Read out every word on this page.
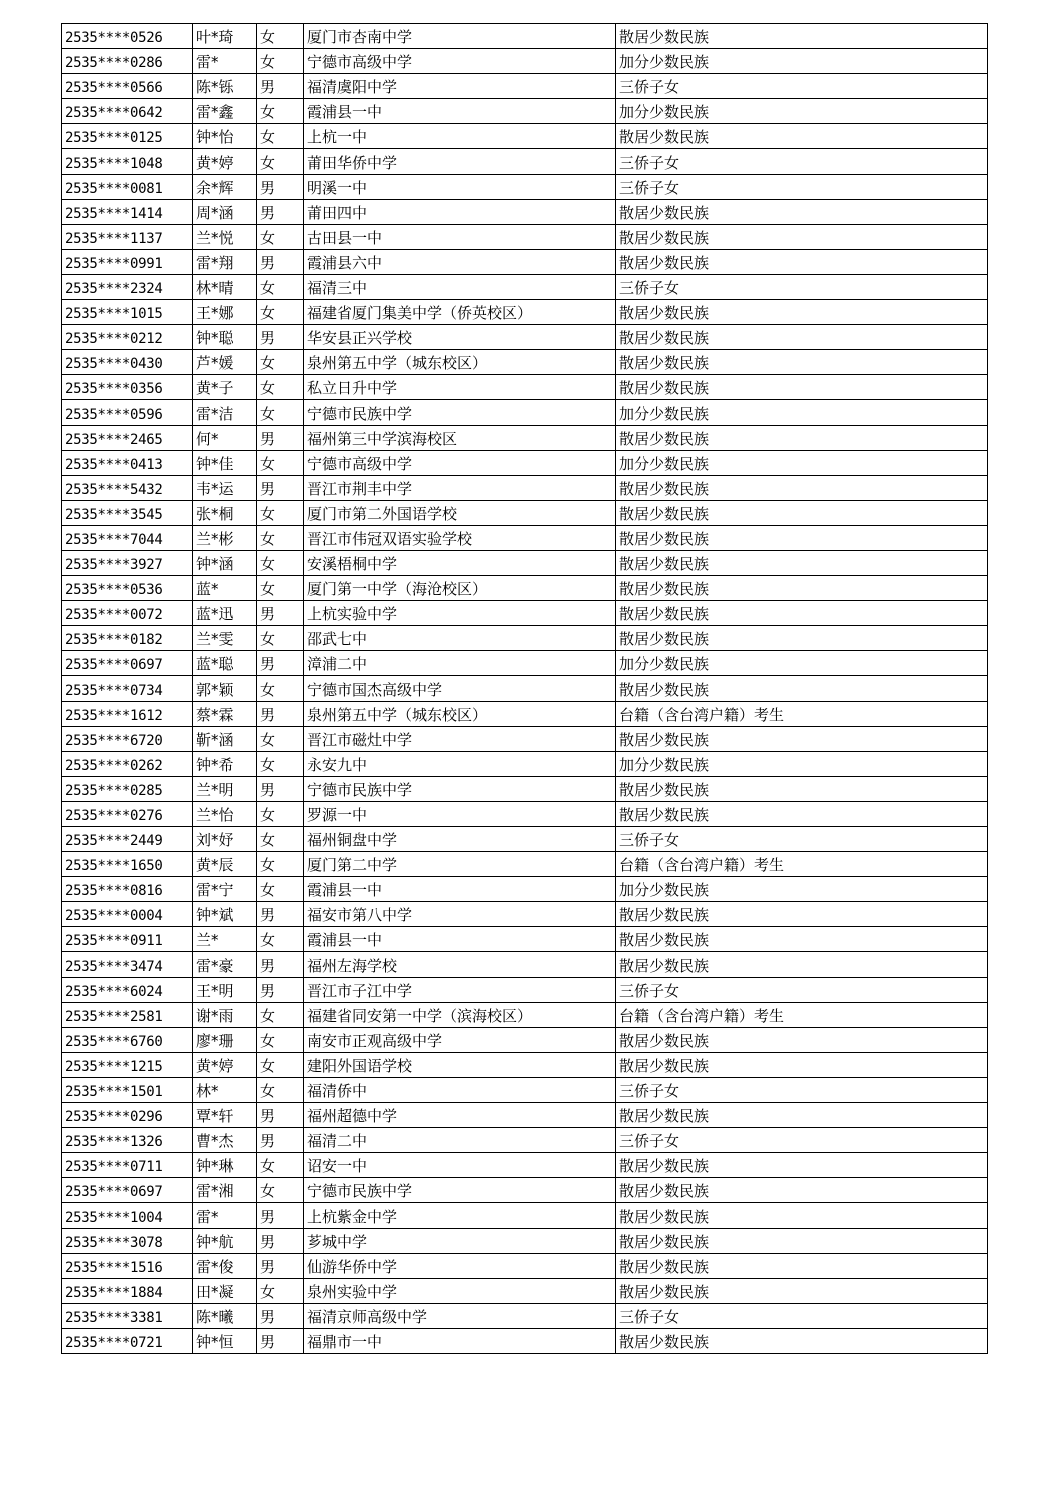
2535****0526	叶*琦	女	厦门市杏南中学	散居少数民族
2535****0286	雷*	女	宁德市高级中学	加分少数民族
2535****0566	陈*铄	男	福清虞阳中学	三侨子女
2535****0642	雷*鑫	女	霞浦县一中	加分少数民族
2535****0125	钟*怡	女	上杭一中	散居少数民族
2535****1048	黄*婷	女	莆田华侨中学	三侨子女
2535****0081	余*辉	男	明溪一中	三侨子女
2535****1414	周*涵	男	莆田四中	散居少数民族
2535****1137	兰*悦	女	古田县一中	散居少数民族
2535****0991	雷*翔	男	霞浦县六中	散居少数民族
2535****2324	林*晴	女	福清三中	三侨子女
2535****1015	王*娜	女	福建省厦门集美中学（侨英校区）	散居少数民族
2535****0212	钟*聪	男	华安县正兴学校	散居少数民族
2535****0430	芦*媛	女	泉州第五中学（城东校区）	散居少数民族
2535****0356	黄*子	女	私立日升中学	散居少数民族
2535****0596	雷*洁	女	宁德市民族中学	加分少数民族
2535****2465	何*	男	福州第三中学滨海校区	散居少数民族
2535****0413	钟*佳	女	宁德市高级中学	加分少数民族
2535****5432	韦*运	男	晋江市荆丰中学	散居少数民族
2535****3545	张*桐	女	厦门市第二外国语学校	散居少数民族
2535****7044	兰*彬	女	晋江市伟冠双语实验学校	散居少数民族
2535****3927	钟*涵	女	安溪梧桐中学	散居少数民族
2535****0536	蓝*	女	厦门第一中学（海沧校区）	散居少数民族
2535****0072	蓝*迅	男	上杭实验中学	散居少数民族
2535****0182	兰*雯	女	邵武七中	散居少数民族
2535****0697	蓝*聪	男	漳浦二中	加分少数民族
2535****0734	郭*颖	女	宁德市国杰高级中学	散居少数民族
2535****1612	蔡*霖	男	泉州第五中学（城东校区）	台籍（含台湾户籍）考生
2535****6720	靳*涵	女	晋江市磁灶中学	散居少数民族
2535****0262	钟*希	女	永安九中	加分少数民族
2535****0285	兰*明	男	宁德市民族中学	散居少数民族
2535****0276	兰*怡	女	罗源一中	散居少数民族
2535****2449	刘*妤	女	福州铜盘中学	三侨子女
2535****1650	黄*辰	女	厦门第二中学	台籍（含台湾户籍）考生
2535****0816	雷*宁	女	霞浦县一中	加分少数民族
2535****0004	钟*斌	男	福安市第八中学	散居少数民族
2535****0911	兰*	女	霞浦县一中	散居少数民族
2535****3474	雷*豪	男	福州左海学校	散居少数民族
2535****6024	王*明	男	晋江市子江中学	三侨子女
2535****2581	谢*雨	女	福建省同安第一中学（滨海校区）	台籍（含台湾户籍）考生
2535****6760	廖*珊	女	南安市正观高级中学	散居少数民族
2535****1215	黄*婷	女	建阳外国语学校	散居少数民族
2535****1501	林*	女	福清侨中	三侨子女
2535****0296	覃*轩	男	福州超德中学	散居少数民族
2535****1326	曹*杰	男	福清二中	三侨子女
2535****0711	钟*琳	女	诏安一中	散居少数民族
2535****0697	雷*湘	女	宁德市民族中学	散居少数民族
2535****1004	雷*	男	上杭紫金中学	散居少数民族
2535****3078	钟*航	男	芗城中学	散居少数民族
2535****1516	雷*俊	男	仙游华侨中学	散居少数民族
2535****1884	田*凝	女	泉州实验中学	散居少数民族
2535****3381	陈*曦	男	福清京师高级中学	三侨子女
2535****0721	钟*恒	男	福鼎市一中	散居少数民族
